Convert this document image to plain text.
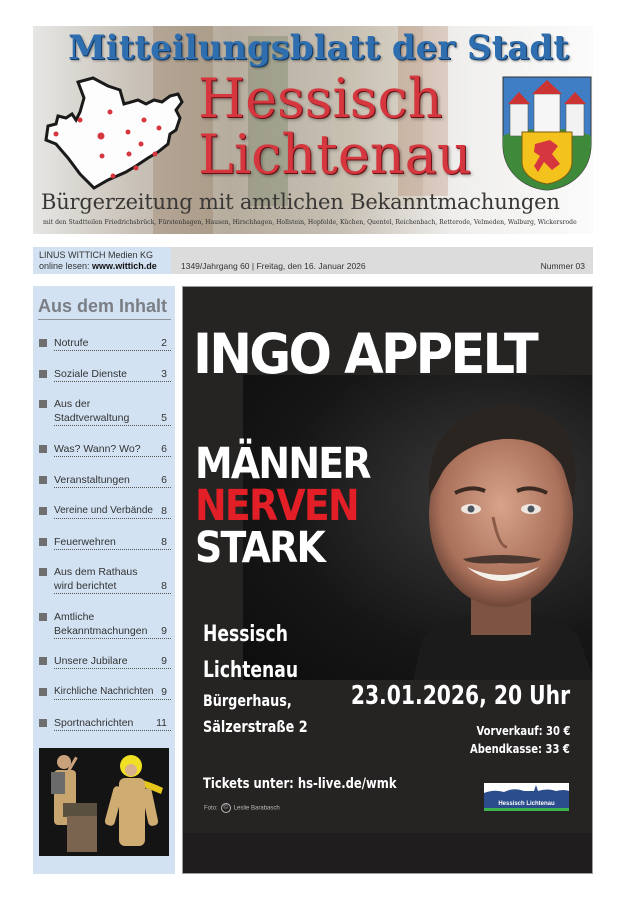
Mitteilungsblatt der Stadt
Hessisch
Lichtenau
Bürgerzeitung mit amtlichen Bekanntmachungen
mit den Stadtteilen Friedrichsbrück, Fürstenhagen, Hausen, Hirschhagen, Hollstein, Hopfelde, Küchen, Quentel, Reichenbach, Retterode, Velmeden, Walburg, Wickersrode
LINUS WITTICH Medien KG
online lesen: www.wittich.de	1349/Jahrgang 60 | Freitag, den 16. Januar 2026	Nummer 03
Aus dem Inhalt
Notrufe	2
Soziale Dienste	3
Aus der Stadtverwaltung	5
Was? Wann? Wo?	6
Veranstaltungen	6
Vereine und Verbände 8
Feuerwehren	8
Aus dem Rathaus wird berichtet	8
Amtliche Bekanntmachungen 9
Unsere Jubilare	9
Kirchliche Nachrichten 9
Sportnachrichten	11
INGO APPELT
MÄNNER
NERVEN
STARK
Hessisch
Lichtenau
Bürgerhaus,
Sälzerstraße 2
23.01.2026, 20 Uhr
Vorverkauf: 30 €
Abendkasse: 33 €
Tickets unter: hs-live.de/wmk
Foto: © Leslie Barabasch
Hessisch Lichtenau
